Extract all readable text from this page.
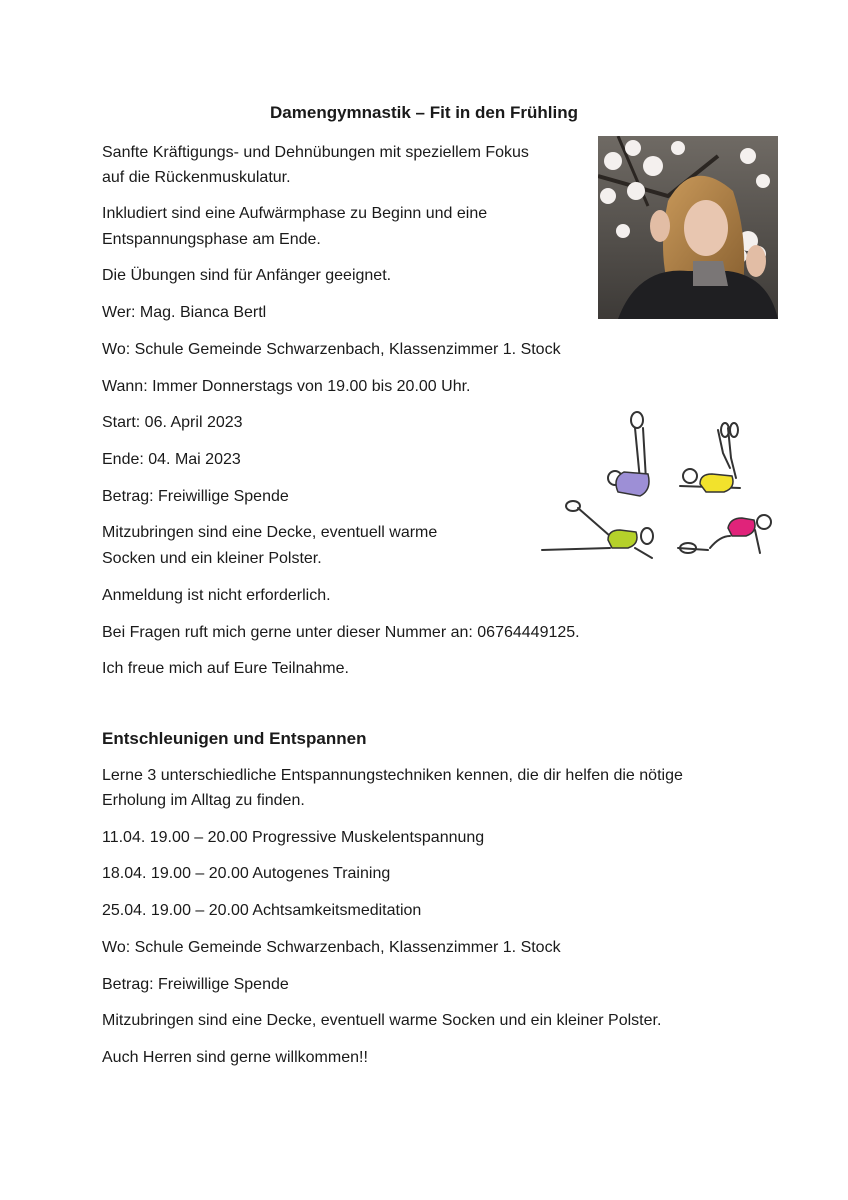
Damengymnastik – Fit in den Frühling

Sanfte Kräftigungs- und Dehnübungen mit speziellem Fokus

auf die Rückenmuskulatur.

Inkludiert sind eine Aufwärmphase zu Beginn und eine

Entspannungsphase am Ende.

Die Übungen sind für Anfänger geeignet.

Wer: Mag. Bianca Bertl

Wo: Schule Gemeinde Schwarzenbach, Klassenzimmer 1. Stock

Wann: Immer Donnerstags von 19.00 bis 20.00 Uhr.

Start: 06. April 2023

Ende: 04. Mai 2023

Betrag: Freiwillige Spende

Mitzubringen sind eine Decke, eventuell warme

Socken und ein kleiner Polster.

Anmeldung ist nicht erforderlich.

Bei Fragen ruft mich gerne unter dieser Nummer an: 06764449125.

Ich freue mich auf Eure Teilnahme.

Entschleunigen und Entspannen

Lerne 3 unterschiedliche Entspannungstechniken kennen, die dir helfen die nötige

Erholung im Alltag zu finden.

11.04. 19.00 – 20.00 Progressive Muskelentspannung

18.04. 19.00 – 20.00 Autogenes Training

25.04. 19.00 – 20.00 Achtsamkeitsmeditation

Wo: Schule Gemeinde Schwarzenbach, Klassenzimmer 1. Stock

Betrag: Freiwillige Spende

Mitzubringen sind eine Decke, eventuell warme Socken und ein kleiner Polster.

Auch Herren sind gerne willkommen!!
